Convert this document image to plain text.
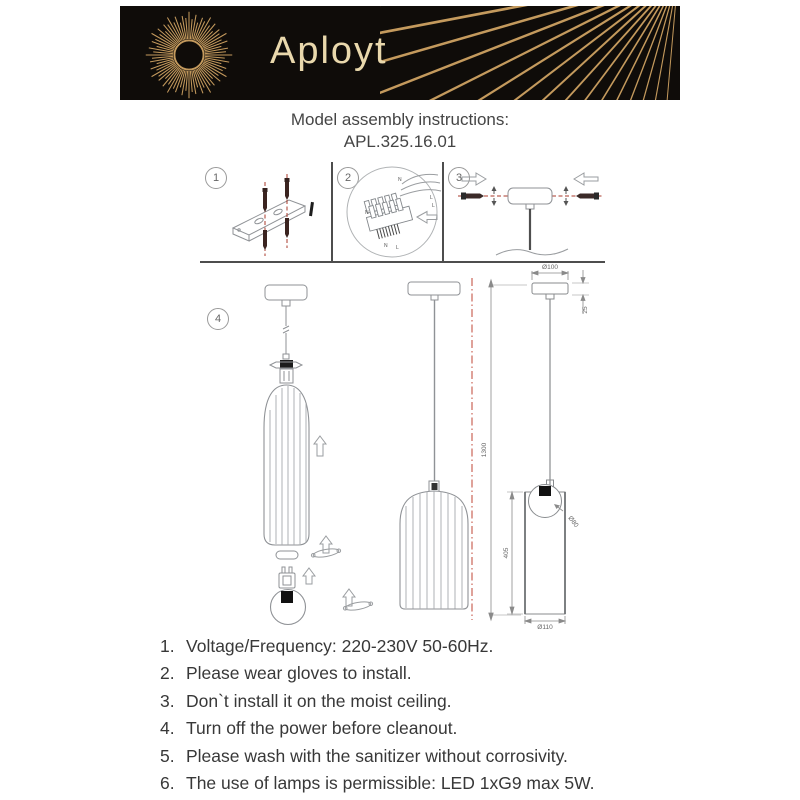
Aployt
Model assembly instructions:
APL.325.16.01
1	2	3
4
N
L
L
N
N L
1300
Ø100
25
Ø80
405
Ø110
1. Voltage/Frequency: 220-230V 50-60Hz.
2. Please wear gloves to install.
3. Don`t install it on the moist ceiling.
4. Turn off the power before cleanout.
5. Please wash with the sanitizer without corrosivity.
6. The use of lamps is permissible: LED 1xG9 max 5W.
